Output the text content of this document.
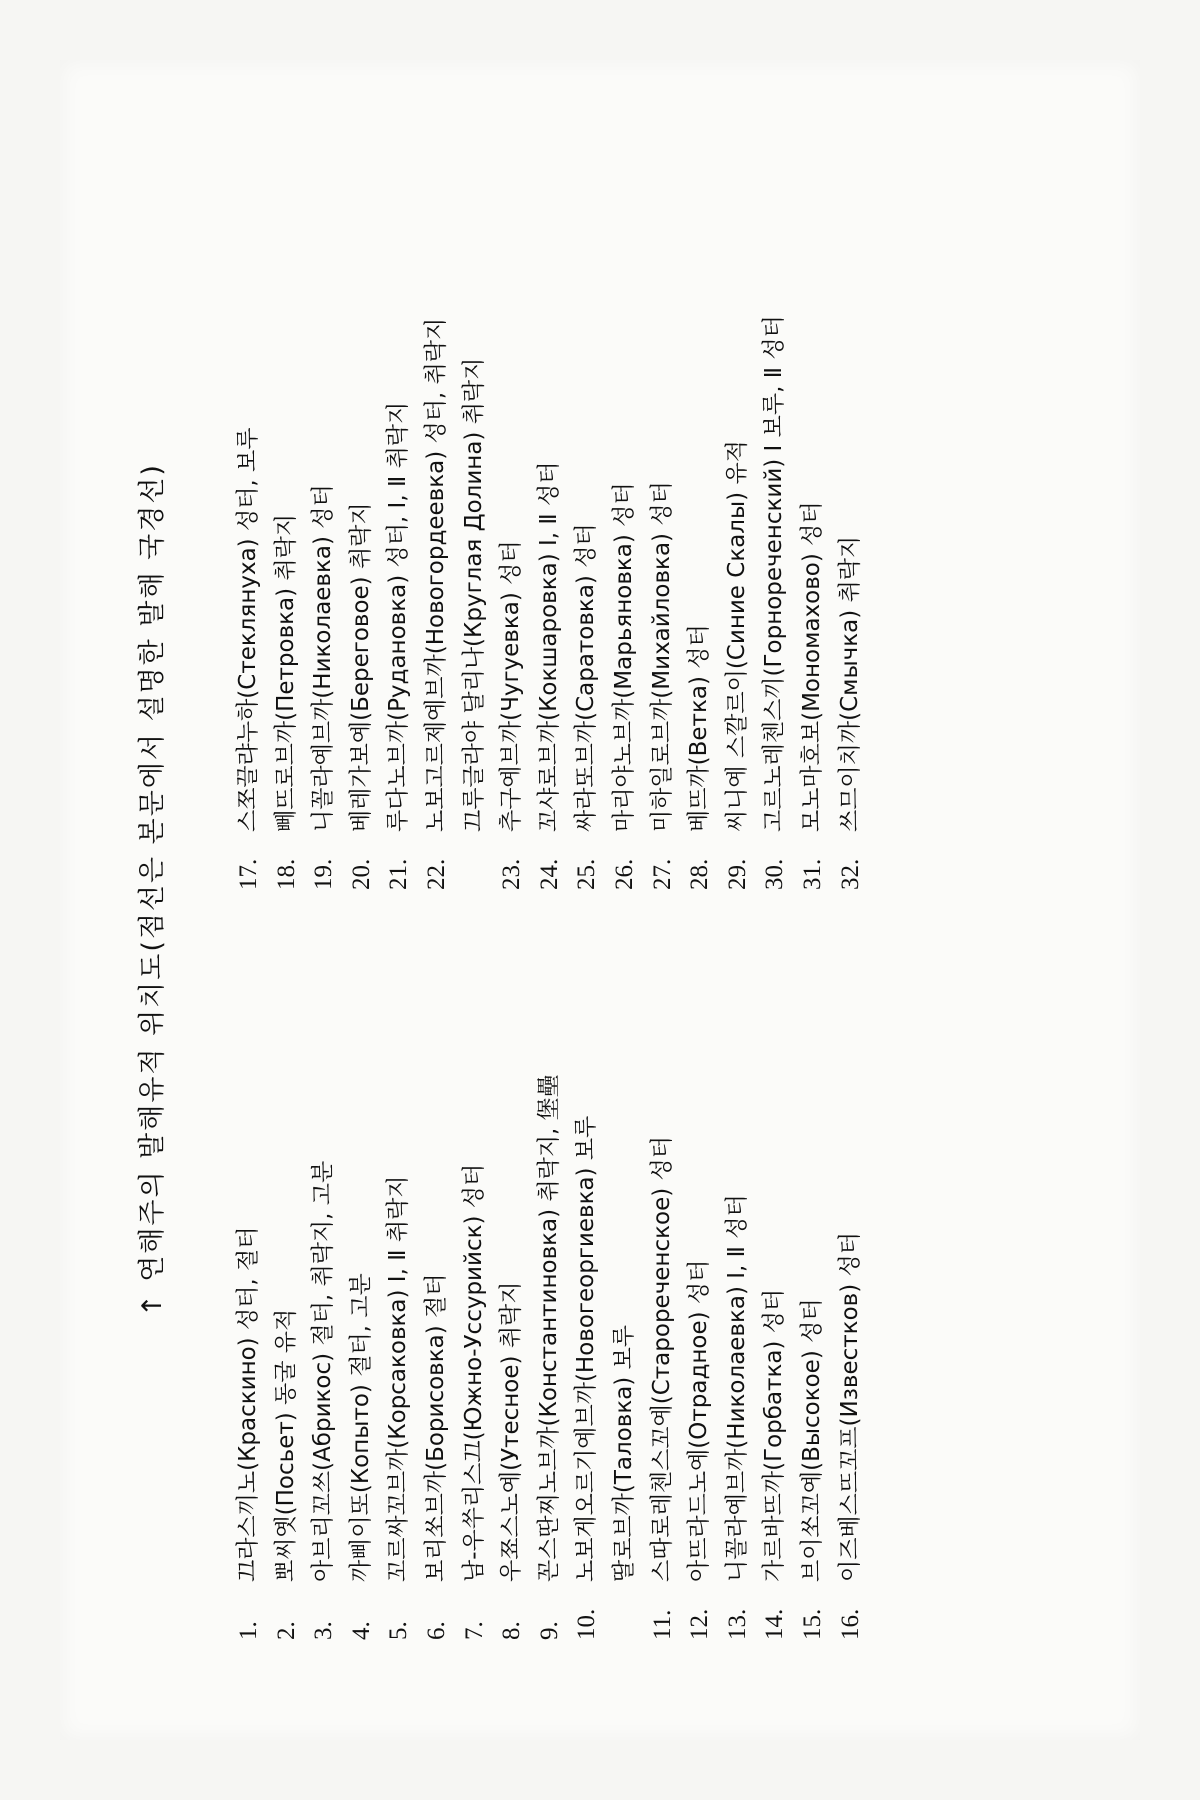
↑ 연해주의 발해유적 위치도(점선은 본문에서 설명한 발해 국경선)
1.
끄라스끼노(Краскино) 성터, 절터
2.
뽀씨옛(Посьет) 동굴 유적
3.
아브리꼬쓰(Абрикос) 절터, 취락지, 고분
4.
까삐이또(Копыто) 절터, 고분
5.
꼬르싸꼬브까(Корсаковка) Ⅰ, Ⅱ 취락지
6.
보리쏘브까(Борисовка) 절터
7.
남-우쑤리스끄(Южно-Уссурийск) 성터
8.
우쬬스노예(Утесное) 취락지
9.
꼰스딴찌노브까(Константиновка) 취락지, 堡壘
10.
노보게오르기예브까(Новогеоргиевка) 보루 딸로브까(Таловка) 보루
11.
스따로레첸스꼬예(Старореченское) 성터
12.
아뜨라드노예(Отрадное) 성터
13.
니꼴라예브까(Николаевка) Ⅰ, Ⅱ 성터
14.
가르바뜨까(Горбатка) 성터
15.
브이쏘꼬예(Высокое) 성터
16.
이즈베스뜨꼬프(Известков) 성터
17.
스쪼끌랴누하(Стеклянуха) 성터, 보루
18.
뻬뜨로브까(Петровка) 취락지
19.
니꼴라예브까(Николаевка) 성터
20.
베레가보예(Береговое) 취락지
21.
루다노브까(Рудановка) 성터, Ⅰ, Ⅱ 취락지
22.
노보고르제예브까(Новогордеевка) 성터, 취락지 끄루글라야 달리나(Круглая Долина) 취락지
23.
추구예브까(Чугуевка) 성터
24.
꼬샤로브까(Кокшаровка) Ⅰ, Ⅱ 성터
25.
싸라또브까(Саратовка) 성터
26.
마리야노브까(Марьяновка) 성터
27.
미하일로브까(Михайловка) 성터
28.
베뜨까(Ветка) 성터
29.
씨니예 스깔르이(Синие Скалы) 유적
30.
고르노레첸스끼(Горнореченский) Ⅰ 보루, Ⅱ 성터
31.
모노마호보(Мономахово) 성터
32.
쓰므이치까(Смычка) 취락지
